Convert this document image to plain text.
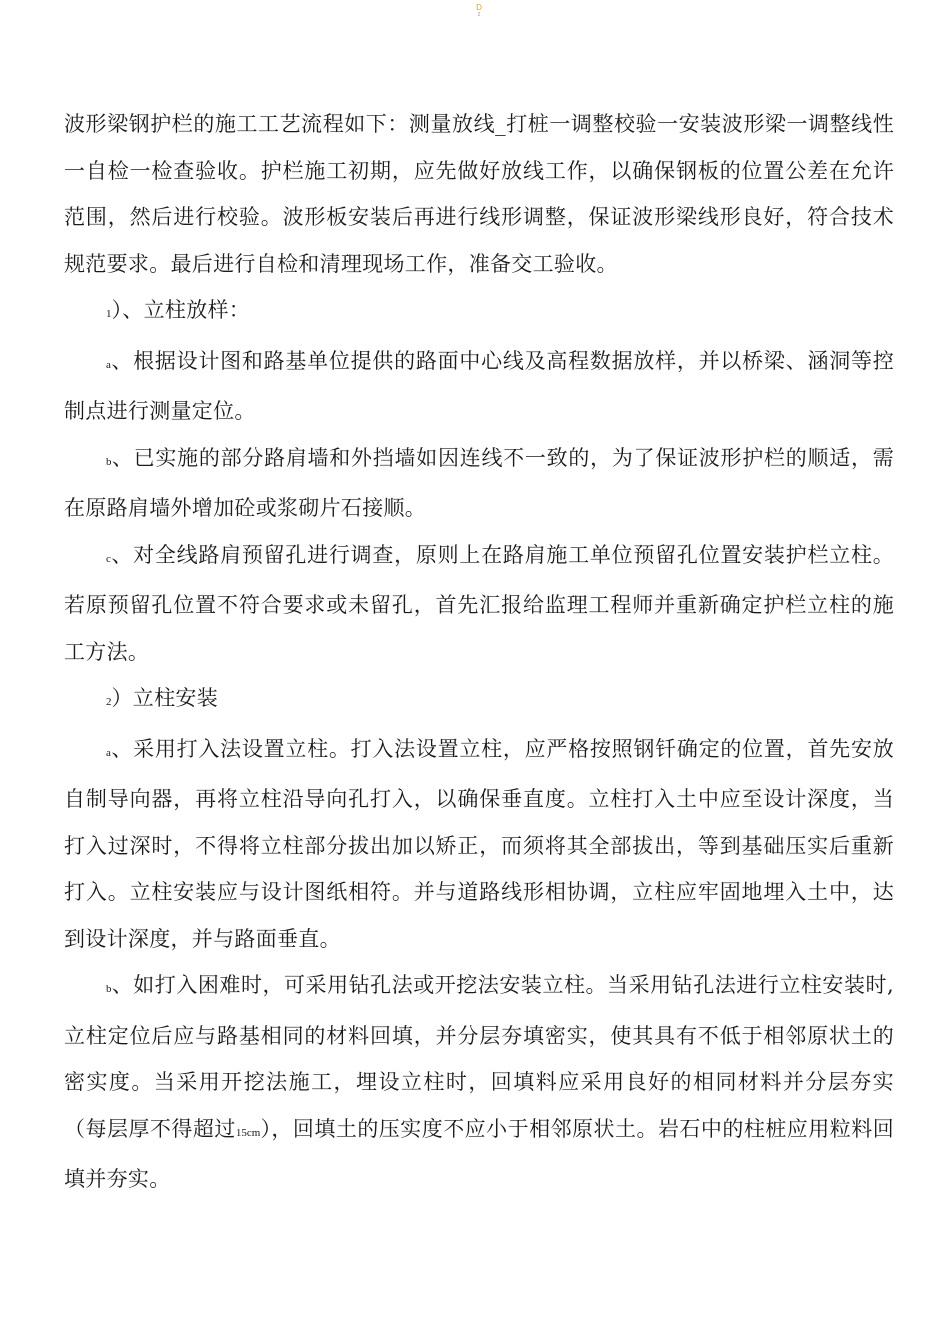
D
2

波形梁钢护栏的施工工艺流程如下：测量放线_打桩一调整校验一安装波形梁一调整线性一自检一检查验收。护栏施工初期，应先做好放线工作，以确保钢板的位置公差在允许范围，然后进行校验。波形板安装后再进行线形调整，保证波形梁线形良好，符合技术规范要求。最后进行自检和清理现场工作，准备交工验收。

1）、立柱放样：

a、根据设计图和路基单位提供的路面中心线及高程数据放样，并以桥梁、涵洞等控制点进行测量定位。

b、已实施的部分路肩墙和外挡墙如因连线不一致的，为了保证波形护栏的顺适，需在原路肩墙外增加砼或浆砌片石接顺。

c、对全线路肩预留孔进行调查，原则上在路肩施工单位预留孔位置安装护栏立柱。若原预留孔位置不符合要求或未留孔，首先汇报给监理工程师并重新确定护栏立柱的施工方法。

2）立柱安装

a、采用打入法设置立柱。打入法设置立柱，应严格按照钢钎确定的位置，首先安放自制导向器，再将立柱沿导向孔打入，以确保垂直度。立柱打入土中应至设计深度，当打入过深时，不得将立柱部分拔出加以矫正，而须将其全部拔出，等到基础压实后重新打入。立柱安装应与设计图纸相符。并与道路线形相协调，立柱应牢固地埋入土中，达到设计深度，并与路面垂直。

b、如打入困难时，可采用钻孔法或开挖法安装立柱。当采用钻孔法进行立柱安装时,立柱定位后应与路基相同的材料回填，并分层夯填密实，使其具有不低于相邻原状土的密实度。当采用开挖法施工，埋设立柱时，回填料应采用良好的相同材料并分层夯实（每层厚不得超过15cm），回填土的压实度不应小于相邻原状土。岩石中的柱桩应用粒料回填并夯实。
